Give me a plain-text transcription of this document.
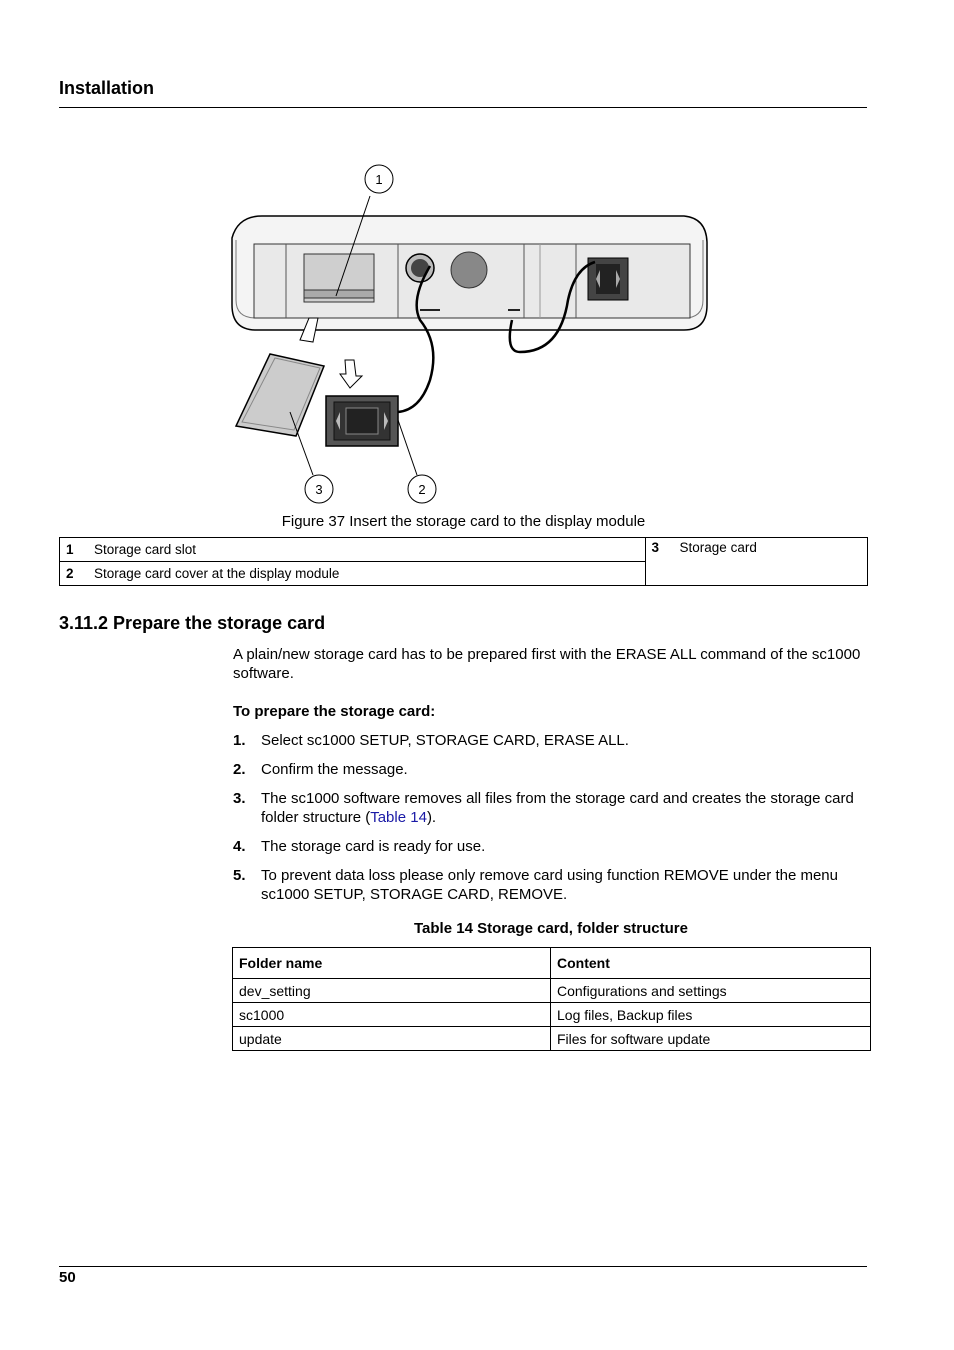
Installation
1
2
3
Figure 37 Insert the storage card to the display module
1	Storage card slot	3	Storage card
2	Storage card cover at the display module		
3.11.2 Prepare the storage card
A plain/new storage card has to be prepared first with the ERASE ALL command of the sc1000 software.
To prepare the storage card:
1. Select sc1000 SETUP, STORAGE CARD, ERASE ALL.
2. Confirm the message.
3. The sc1000 software removes all files from the storage card and creates the storage card folder structure (Table 14).
4. The storage card is ready for use.
5. To prevent data loss please only remove card using function REMOVE under the menu sc1000 SETUP, STORAGE CARD, REMOVE.
Table 14 Storage card, folder structure
Folder name	Content
dev_setting	Configurations and settings
sc1000	Log files, Backup files
update	Files for software update
50
